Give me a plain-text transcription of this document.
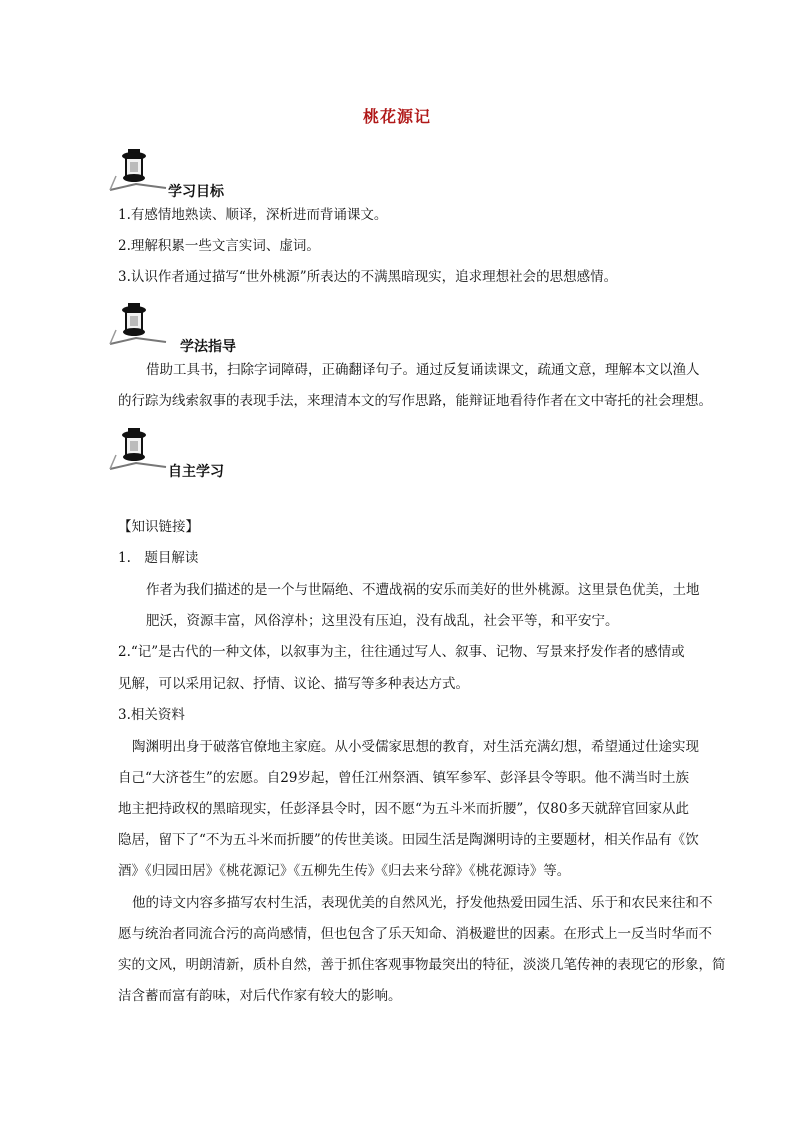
桃花源记
学习目标
1.有感情地熟读、顺译，深析进而背诵课文。
2.理解积累一些文言实词、虚词。
3.认识作者通过描写“世外桃源”所表达的不满黑暗现实，追求理想社会的思想感情。
学法指导
借助工具书，扫除字词障碍，正确翻译句子。通过反复诵读课文，疏通文意，理解本文以渔人
的行踪为线索叙事的表现手法，来理清本文的写作思路，能辩证地看待作者在文中寄托的社会理想。
自主学习
【知识链接】
1.　题目解读
作者为我们描述的是一个与世隔绝、不遭战祸的安乐而美好的世外桃源。这里景色优美，土地
肥沃，资源丰富，风俗淳朴；这里没有压迫，没有战乱，社会平等，和平安宁。
2.“记”是古代的一种文体，以叙事为主，往往通过写人、叙事、记物、写景来抒发作者的感情或
见解，可以采用记叙、抒情、议论、描写等多种表达方式。
3.相关资料
陶渊明出身于破落官僚地主家庭。从小受儒家思想的教育，对生活充满幻想，希望通过仕途实现
自己“大济苍生”的宏愿。自29岁起，曾任江州祭酒、镇军参军、彭泽县令等职。他不满当时土族
地主把持政权的黑暗现实，任彭泽县令时，因不愿“为五斗米而折腰”，仅80多天就辞官回家从此
隐居，留下了“不为五斗米而折腰”的传世美谈。田园生活是陶渊明诗的主要题材，相关作品有《饮
酒》《归园田居》《桃花源记》《五柳先生传》《归去来兮辞》《桃花源诗》等。
他的诗文内容多描写农村生活，表现优美的自然风光，抒发他热爱田园生活、乐于和农民来往和不
愿与统治者同流合污的高尚感情，但也包含了乐天知命、消极避世的因素。在形式上一反当时华而不
实的文风，明朗清新，质朴自然，善于抓住客观事物最突出的特征，淡淡几笔传神的表现它的形象，简
洁含蓄而富有韵味，对后代作家有较大的影响。
